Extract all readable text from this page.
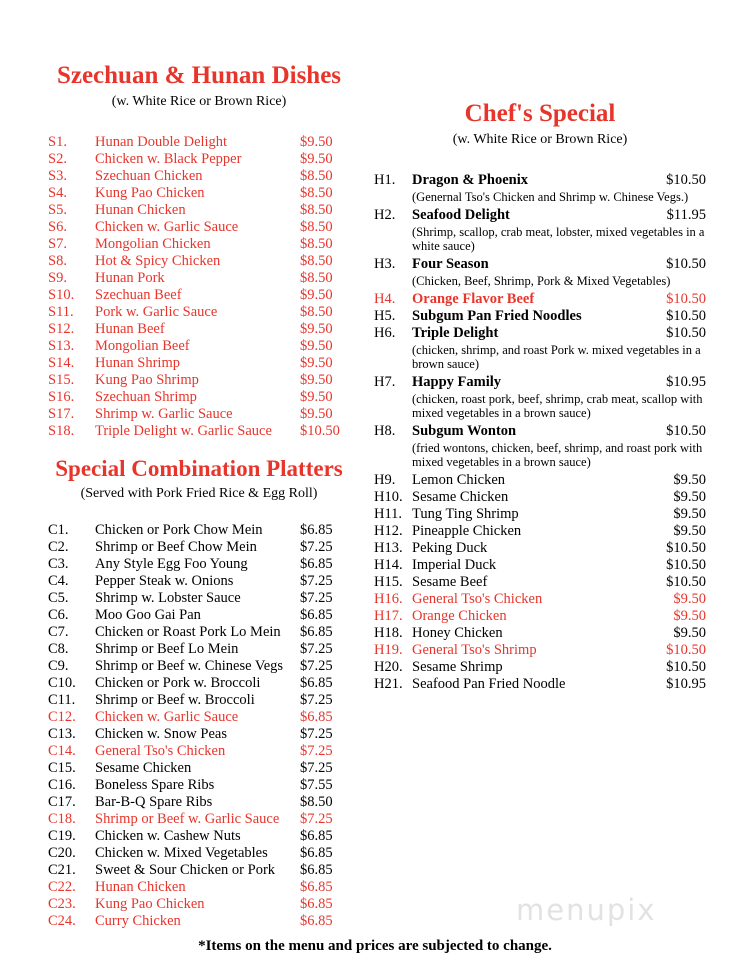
Szechuan & Hunan Dishes

(w. White Rice or Brown Rice)

S1.	Hunan Double Delight	$9.50
S2.	Chicken w. Black Pepper	$9.50
S3.	Szechuan Chicken	$8.50
S4.	Kung Pao Chicken	$8.50
S5.	Hunan Chicken	$8.50
S6.	Chicken w. Garlic Sauce	$8.50
S7.	Mongolian Chicken	$8.50
S8.	Hot & Spicy Chicken	$8.50
S9.	Hunan Pork	$8.50
S10.	Szechuan Beef	$9.50
S11.	Pork w. Garlic Sauce	$8.50
S12.	Hunan Beef	$9.50
S13.	Mongolian Beef	$9.50
S14.	Hunan Shrimp	$9.50
S15.	Kung Pao Shrimp	$9.50
S16.	Szechuan Shrimp	$9.50
S17.	Shrimp w. Garlic Sauce	$9.50
S18.	Triple Delight w. Garlic Sauce	$10.50
Special Combination Platters

(Served with Pork Fried Rice & Egg Roll)

C1.	Chicken or Pork Chow Mein	$6.85
C2.	Shrimp or Beef Chow Mein	$7.25
C3.	Any Style Egg Foo Young	$6.85
C4.	Pepper Steak w. Onions	$7.25
C5.	Shrimp w. Lobster Sauce	$7.25
C6.	Moo Goo Gai Pan	$6.85
C7.	Chicken or Roast Pork Lo Mein	$6.85
C8.	Shrimp or Beef Lo Mein	$7.25
C9.	Shrimp or Beef w. Chinese Vegs	$7.25
C10.	Chicken or Pork w. Broccoli	$6.85
C11.	Shrimp or Beef w. Broccoli	$7.25
C12.	Chicken w. Garlic Sauce	$6.85
C13.	Chicken w. Snow Peas	$7.25
C14.	General Tso's Chicken	$7.25
C15.	Sesame Chicken	$7.25
C16.	Boneless Spare Ribs	$7.55
C17.	Bar-B-Q Spare Ribs	$8.50
C18.	Shrimp or Beef w. Garlic Sauce	$7.25
C19.	Chicken w. Cashew Nuts	$6.85
C20.	Chicken w. Mixed Vegetables	$6.85
C21.	Sweet & Sour Chicken or Pork	$6.85
C22.	Hunan Chicken	$6.85
C23.	Kung Pao Chicken	$6.85
C24.	Curry Chicken	$6.85
Chef's Special

(w. White Rice or Brown Rice)

H1.	Dragon & Phoenix	$10.50
(Genernal Tso's Chicken and Shrimp w. Chinese Vegs.)
H2.	Seafood Delight	$11.95
(Shrimp, scallop, crab meat, lobster, mixed vegetables in a white sauce)
H3.	Four Season	$10.50
(Chicken, Beef, Shrimp, Pork & Mixed Vegetables)
H4.	Orange Flavor Beef	$10.50
H5.	Subgum Pan Fried Noodles	$10.50
H6.	Triple Delight	$10.50
(chicken, shrimp, and roast Pork w. mixed vegetables in a brown sauce)
H7.	Happy Family	$10.95
(chicken, roast pork, beef, shrimp, crab meat, scallop with mixed vegetables in a brown sauce)
H8.	Subgum Wonton	$10.50
(fried wontons, chicken, beef, shrimp, and roast pork with mixed vegetables in a brown sauce)
H9.	Lemon Chicken	$9.50
H10. Sesame Chicken	$9.50
H11. Tung Ting Shrimp	$9.50
H12. Pineapple Chicken	$9.50
H13. Peking Duck	$10.50
H14. Imperial Duck	$10.50
H15. Sesame Beef	$10.50
H16. General Tso's Chicken	$9.50
H17. Orange Chicken	$9.50
H18. Honey Chicken	$9.50
H19. General Tso's Shrimp	$10.50
H20. Sesame Shrimp	$10.50
H21. Seafood Pan Fried Noodle	$10.95
menupix
*Items on the menu and prices are subjected to change.
